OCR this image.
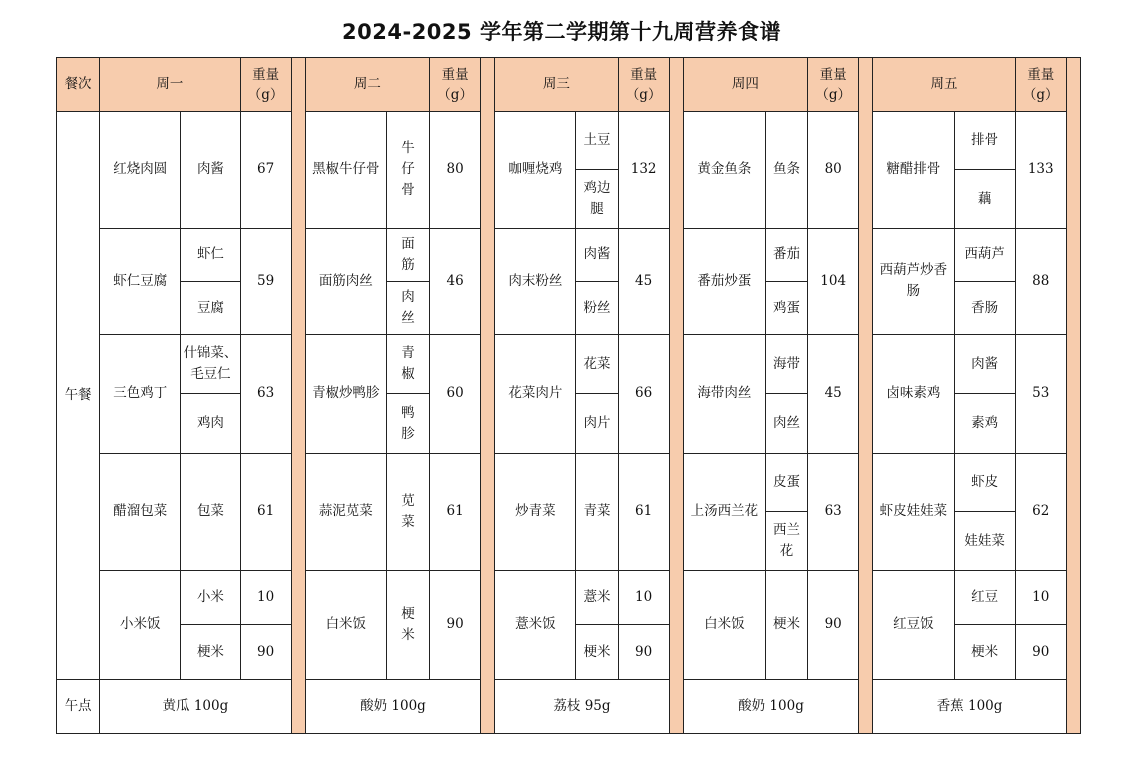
2024-2025 学年第二学期第十九周营养食谱
餐次	周一		重量（g）		周二		重量（g）		周三		重量（g）		周四		重量（g）		周五		重量（g）	
午餐	红烧肉圆	肉酱	67		黑椒牛仔骨	牛仔骨	80		咖喱烧鸡	土豆	132		黄金鱼条	鱼条	80		糖醋排骨	排骨	133	
										鸡边腿								藕		
	虾仁豆腐	虾仁	59		面筋肉丝	面筋	46		肉末粉丝	肉酱	45		番茄炒蛋	番茄	104		西葫芦炒香肠	西葫芦	88	
		豆腐				肉丝				粉丝				鸡蛋				香肠		
	三色鸡丁	什锦菜、毛豆仁	63		青椒炒鸭胗	青椒	60		花菜肉片	花菜	66		海带肉丝	海带	45		卤味素鸡	肉酱	53	
		鸡肉				鸭胗				肉片				肉丝				素鸡		
	醋溜包菜	包菜	61		蒜泥苋菜	苋菜	61		炒青菜	青菜	61		上汤西兰花	皮蛋	63		虾皮娃娃菜	虾皮	62	
														西兰花				娃娃菜		
	小米饭	小米	10		白米饭	梗米	90		薏米饭	薏米	10		白米饭	梗米	90		红豆饭	红豆	10	
		梗米	90							梗米	90							梗米	90	
午点	黄瓜 100g				酸奶 100g				荔枝 95g				酸奶 100g				香蕉 100g			
